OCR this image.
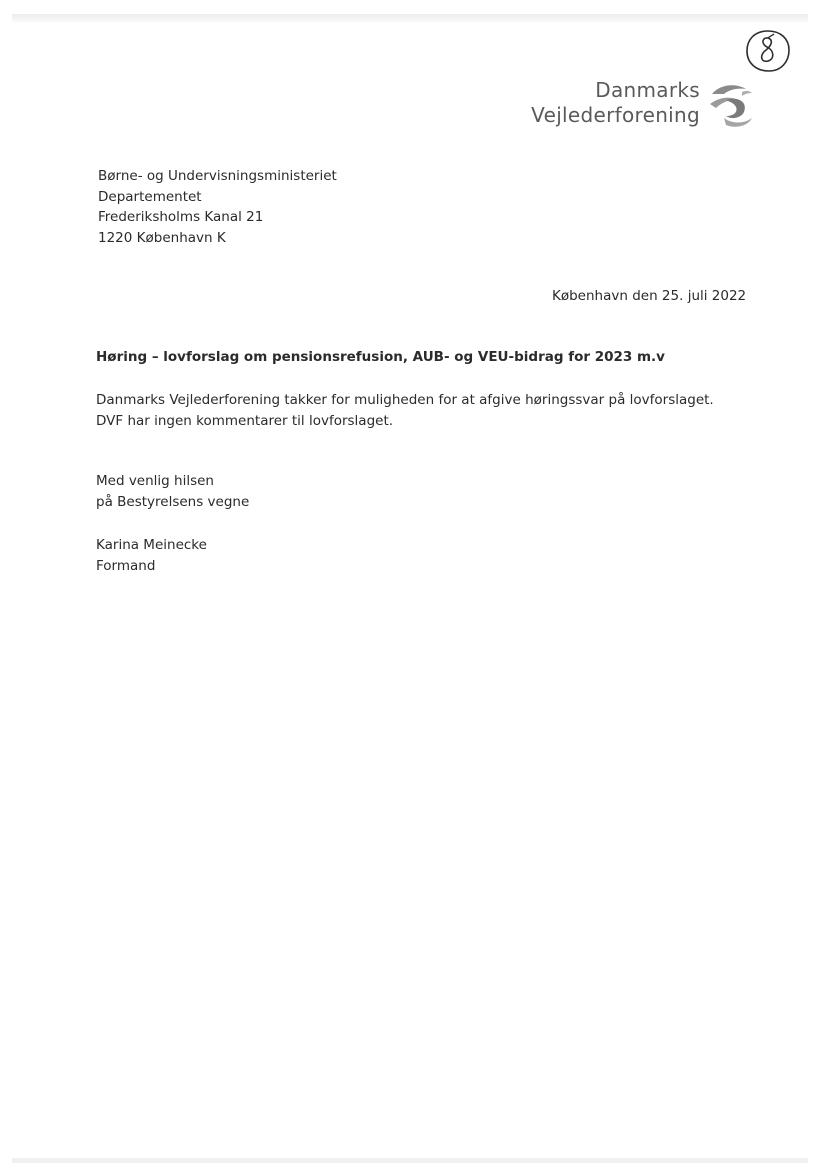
Danmarks
Vejlederforening
Børne- og Undervisningsministeriet
Departementet
Frederiksholms Kanal 21
1220 København K
København den 25. juli 2022
Høring – lovforslag om pensionsrefusion, AUB- og VEU-bidrag for 2023 m.v
Danmarks Vejlederforening takker for muligheden for at afgive høringssvar på lovforslaget.
DVF har ingen kommentarer til lovforslaget.
Med venlig hilsen
på Bestyrelsens vegne
Karina Meinecke
Formand
